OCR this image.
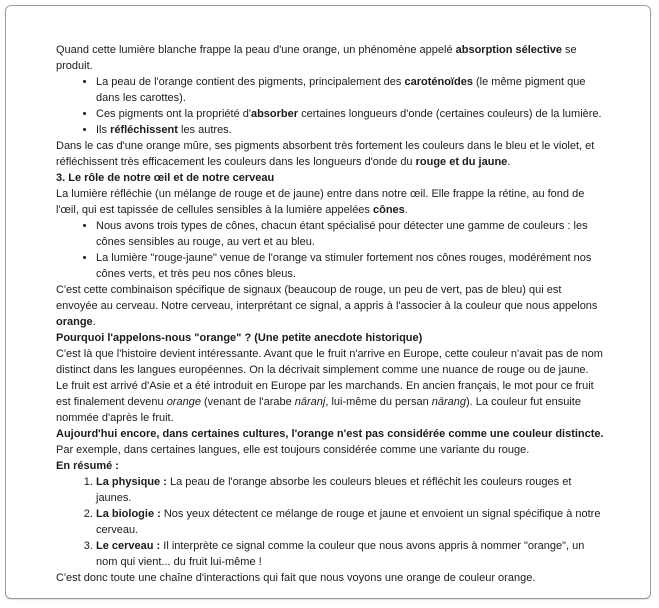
Quand cette lumière blanche frappe la peau d'une orange, un phénomène appelé absorption sélective se produit.

• La peau de l'orange contient des pigments, principalement des caroténoïdes (le même pigment que dans les carottes).
• Ces pigments ont la propriété d'absorber certaines longueurs d'onde (certaines couleurs) de la lumière.
• Ils réfléchissent les autres.

Dans le cas d'une orange mûre, ses pigments absorbent très fortement les couleurs dans le bleu et le violet, et réfléchissent très efficacement les couleurs dans les longueurs d'onde du rouge et du jaune.

3. Le rôle de notre œil et de notre cerveau

La lumière réfléchie (un mélange de rouge et de jaune) entre dans notre œil. Elle frappe la rétine, au fond de l'œil, qui est tapissée de cellules sensibles à la lumière appelées cônes.

• Nous avons trois types de cônes, chacun étant spécialisé pour détecter une gamme de couleurs : les cônes sensibles au rouge, au vert et au bleu.
• La lumière "rouge-jaune" venue de l'orange va stimuler fortement nos cônes rouges, modérément nos cônes verts, et très peu nos cônes bleus.

C'est cette combinaison spécifique de signaux (beaucoup de rouge, un peu de vert, pas de bleu) qui est envoyée au cerveau. Notre cerveau, interprétant ce signal, a appris à l'associer à la couleur que nous appelons orange.

Pourquoi l'appelons-nous "orange" ? (Une petite anecdote historique)

C'est là que l'histoire devient intéressante. Avant que le fruit n'arrive en Europe, cette couleur n'avait pas de nom distinct dans les langues européennes. On la décrivait simplement comme une nuance de rouge ou de jaune.

Le fruit est arrivé d'Asie et a été introduit en Europe par les marchands. En ancien français, le mot pour ce fruit est finalement devenu orange (venant de l'arabe nāranj, lui-même du persan nārang). La couleur fut ensuite nommée d'après le fruit.

Aujourd'hui encore, dans certaines cultures, l'orange n'est pas considérée comme une couleur distincte. Par exemple, dans certaines langues, elle est toujours considérée comme une variante du rouge.

En résumé :

1. La physique : La peau de l'orange absorbe les couleurs bleues et réfléchit les couleurs rouges et jaunes.
2. La biologie : Nos yeux détectent ce mélange de rouge et jaune et envoient un signal spécifique à notre cerveau.
3. Le cerveau : Il interprète ce signal comme la couleur que nous avons appris à nommer "orange", un nom qui vient... du fruit lui-même !

C'est donc toute une chaîne d'interactions qui fait que nous voyons une orange de couleur orange.
